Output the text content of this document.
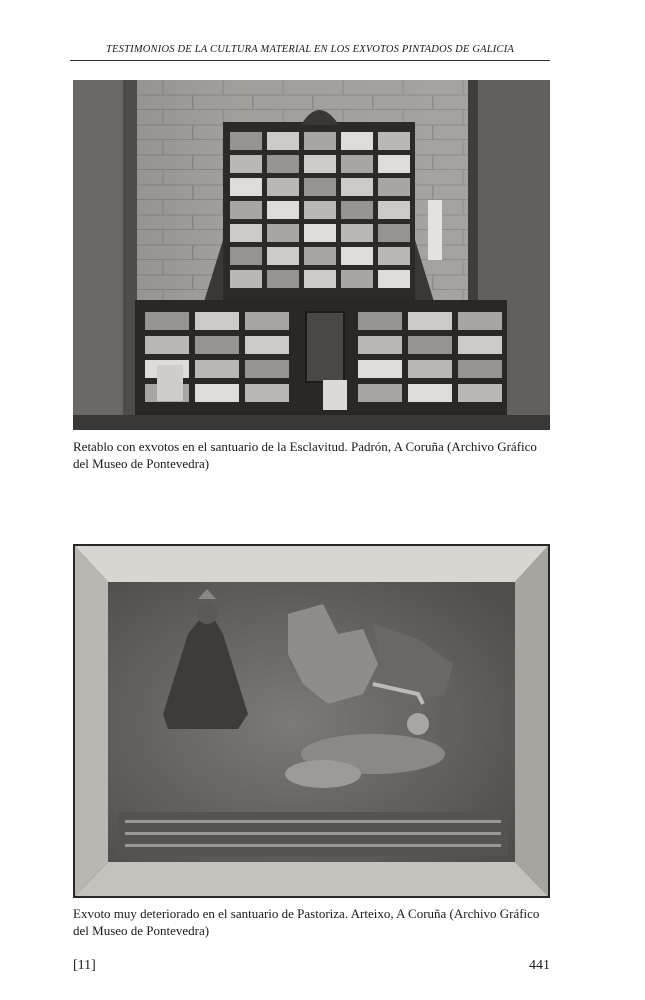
TESTIMONIOS DE LA CULTURA MATERIAL EN LOS EXVOTOS PINTADOS DE GALICIA
Retablo con exvotos en el santuario de la Esclavitud. Padrón, A Coruña (Archivo Gráfico del Museo de Pontevedra)
Exvoto muy deteriorado en el santuario de Pastoriza. Arteixo, A Coruña (Archivo Gráfico del Museo de Pontevedra)
[11]	441
